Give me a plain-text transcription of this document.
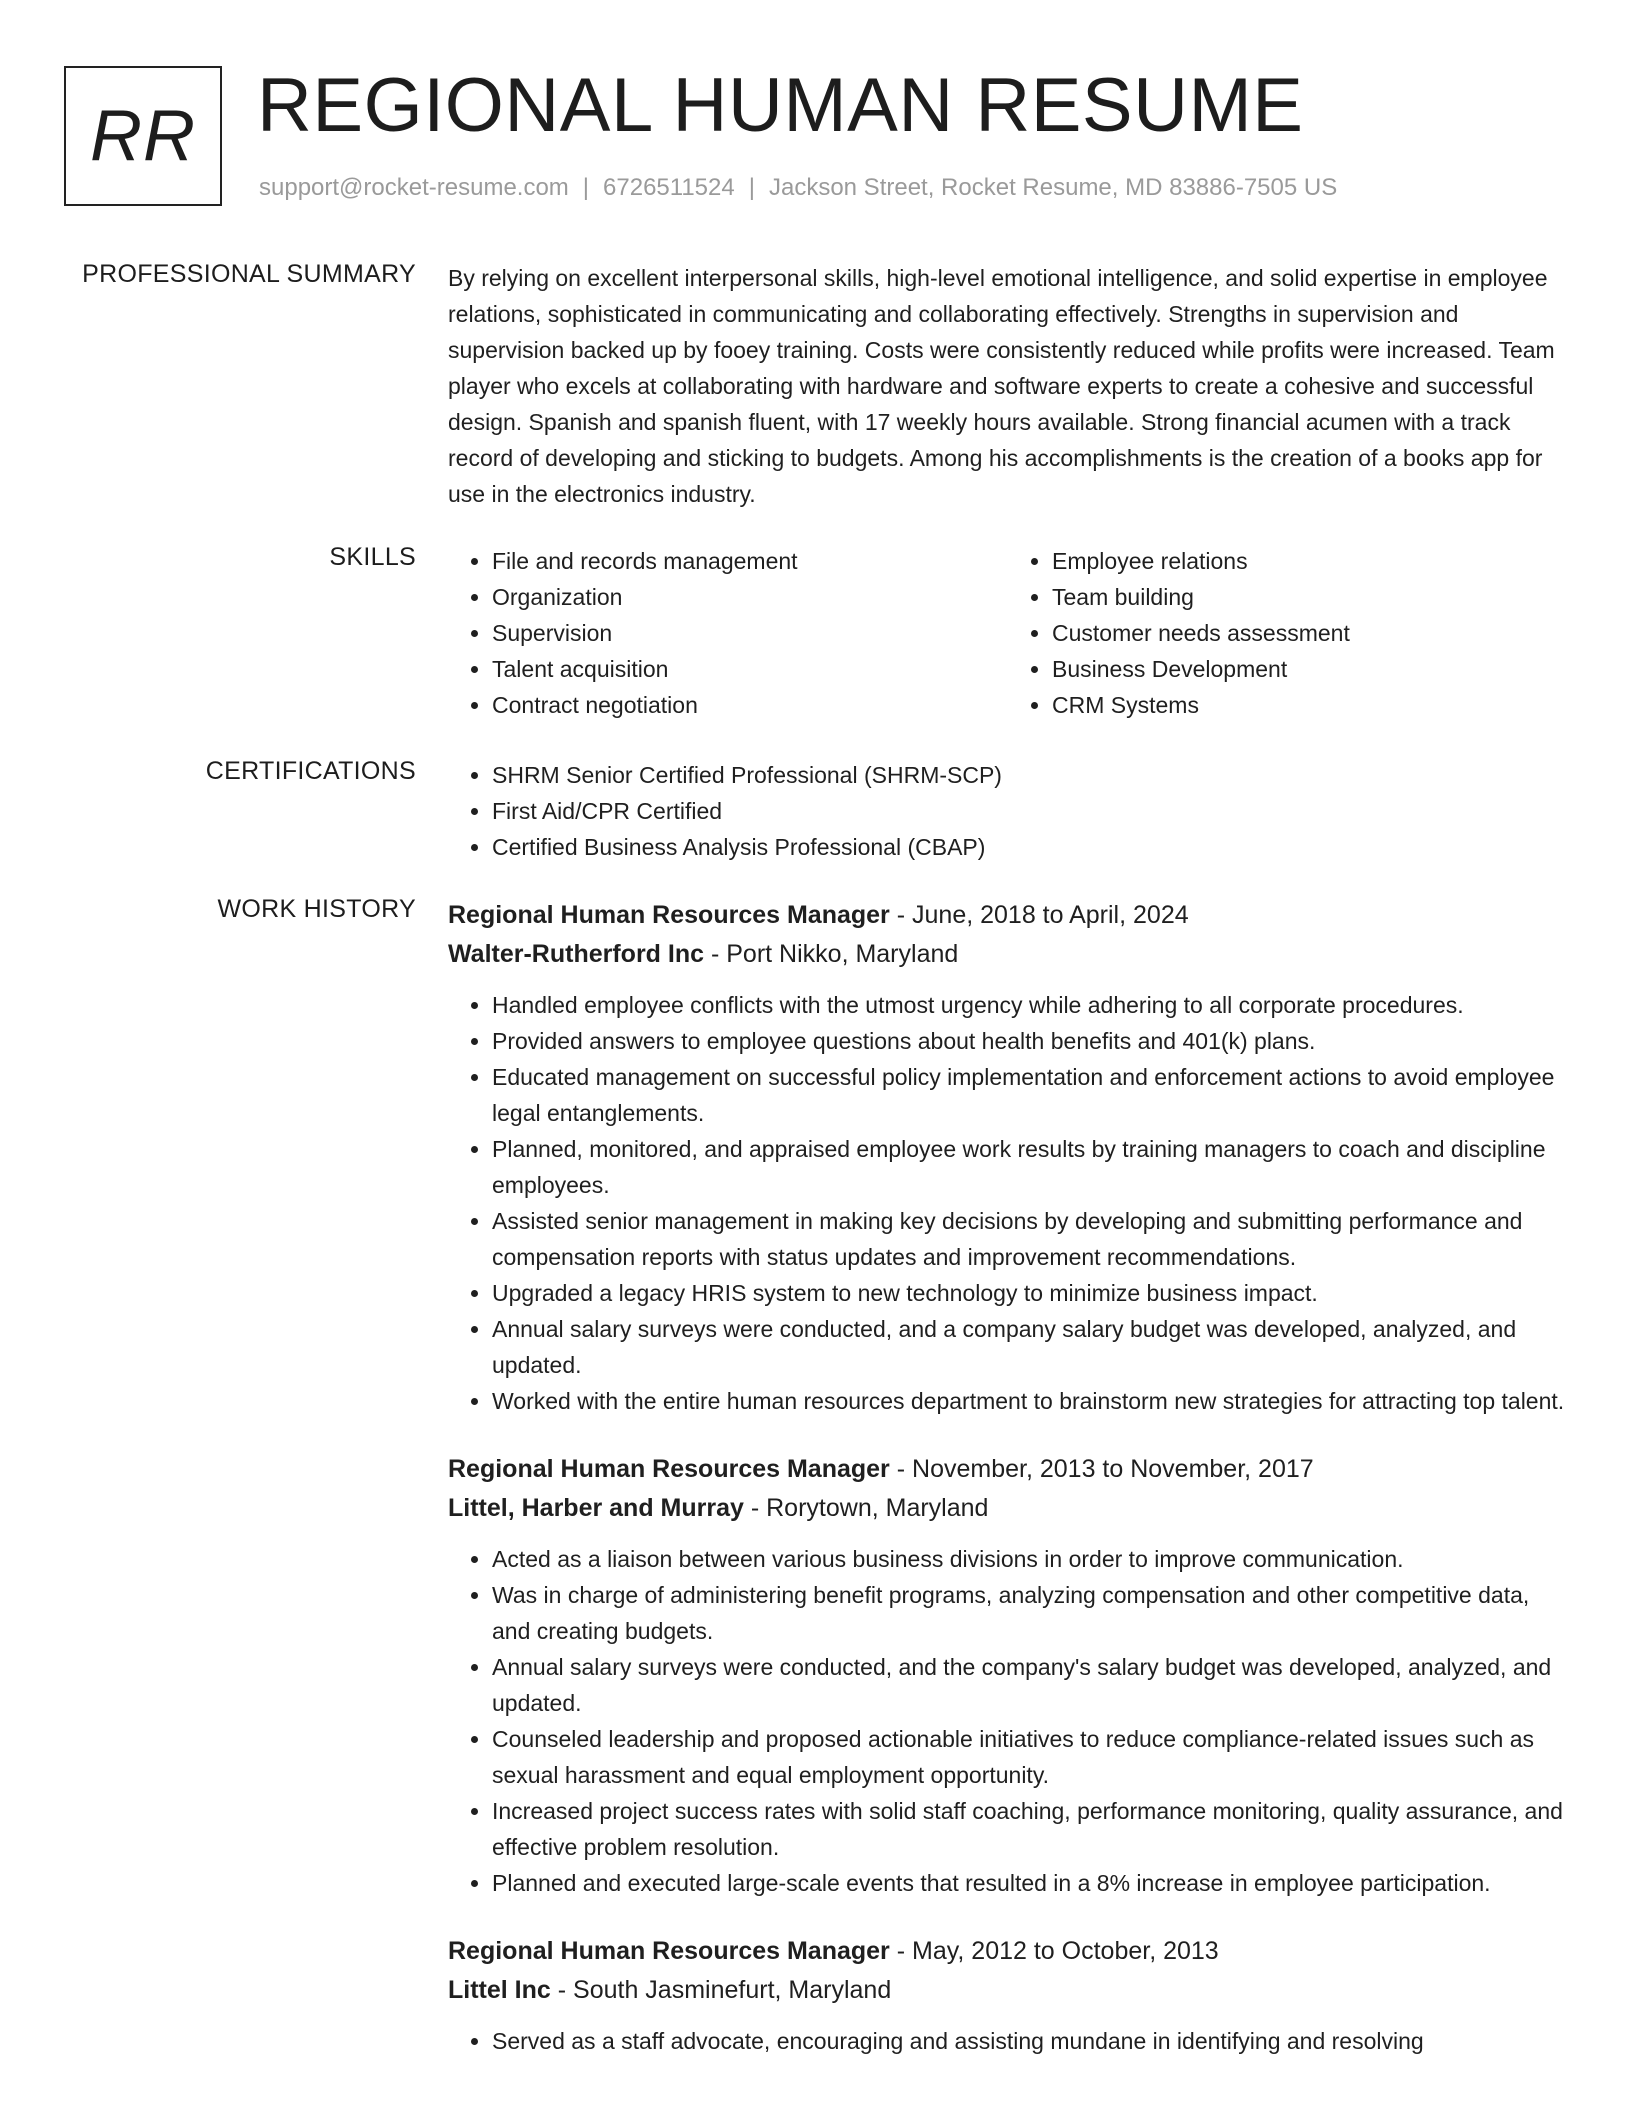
RR REGIONAL HUMAN RESUME
support@rocket-resume.com | 6726511524 | Jackson Street, Rocket Resume, MD 83886-7505 US
PROFESSIONAL SUMMARY By relying on excellent interpersonal skills, high-level emotional intelligence, and solid expertise in employee relations, sophisticated in communicating and collaborating effectively. Strengths in supervision and supervision backed up by fooey training. Costs were consistently reduced while profits were increased. Team player who excels at collaborating with hardware and software experts to create a cohesive and successful design. Spanish and spanish fluent, with 17 weekly hours available. Strong financial acumen with a track record of developing and sticking to budgets. Among his accomplishments is the creation of a books app for use in the electronics industry.

SKILLS	• File and records management
• Organization
• Supervision
• Talent acquisition
• Contract negotiation
• Employee relations
• Team building
• Customer needs assessment
• Business Development
• CRM Systems
CERTIFICATIONS	• SHRM Senior Certified Professional (SHRM-SCP)
• First Aid/CPR Certified
• Certified Business Analysis Professional (CBAP)
WORK HISTORY Regional Human Resources Manager - June, 2018 to April, 2024
Walter-Rutherford Inc - Port Nikko, Maryland
• Handled employee conflicts with the utmost urgency while adhering to all corporate procedures.
• Provided answers to employee questions about health benefits and 401(k) plans.
• Educated management on successful policy implementation and enforcement actions to avoid employee legal entanglements.
• Planned, monitored, and appraised employee work results by training managers to coach and discipline employees.
• Assisted senior management in making key decisions by developing and submitting performance and compensation reports with status updates and improvement recommendations.
• Upgraded a legacy HRIS system to new technology to minimize business impact.
• Annual salary surveys were conducted, and a company salary budget was developed, analyzed, and updated.
• Worked with the entire human resources department to brainstorm new strategies for attracting top talent.
Regional Human Resources Manager - November, 2013 to November, 2017
Littel, Harber and Murray - Rorytown, Maryland
• Acted as a liaison between various business divisions in order to improve communication.
• Was in charge of administering benefit programs, analyzing compensation and other competitive data, and creating budgets.
• Annual salary surveys were conducted, and the company's salary budget was developed, analyzed, and updated.
• Counseled leadership and proposed actionable initiatives to reduce compliance-related issues such as sexual harassment and equal employment opportunity.
• Increased project success rates with solid staff coaching, performance monitoring, quality assurance, and effective problem resolution.
• Planned and executed large-scale events that resulted in a 8% increase in employee participation.
Regional Human Resources Manager - May, 2012 to October, 2013
Littel Inc - South Jasminefurt, Maryland
• Served as a staff advocate, encouraging and assisting mundane in identifying and resolving
